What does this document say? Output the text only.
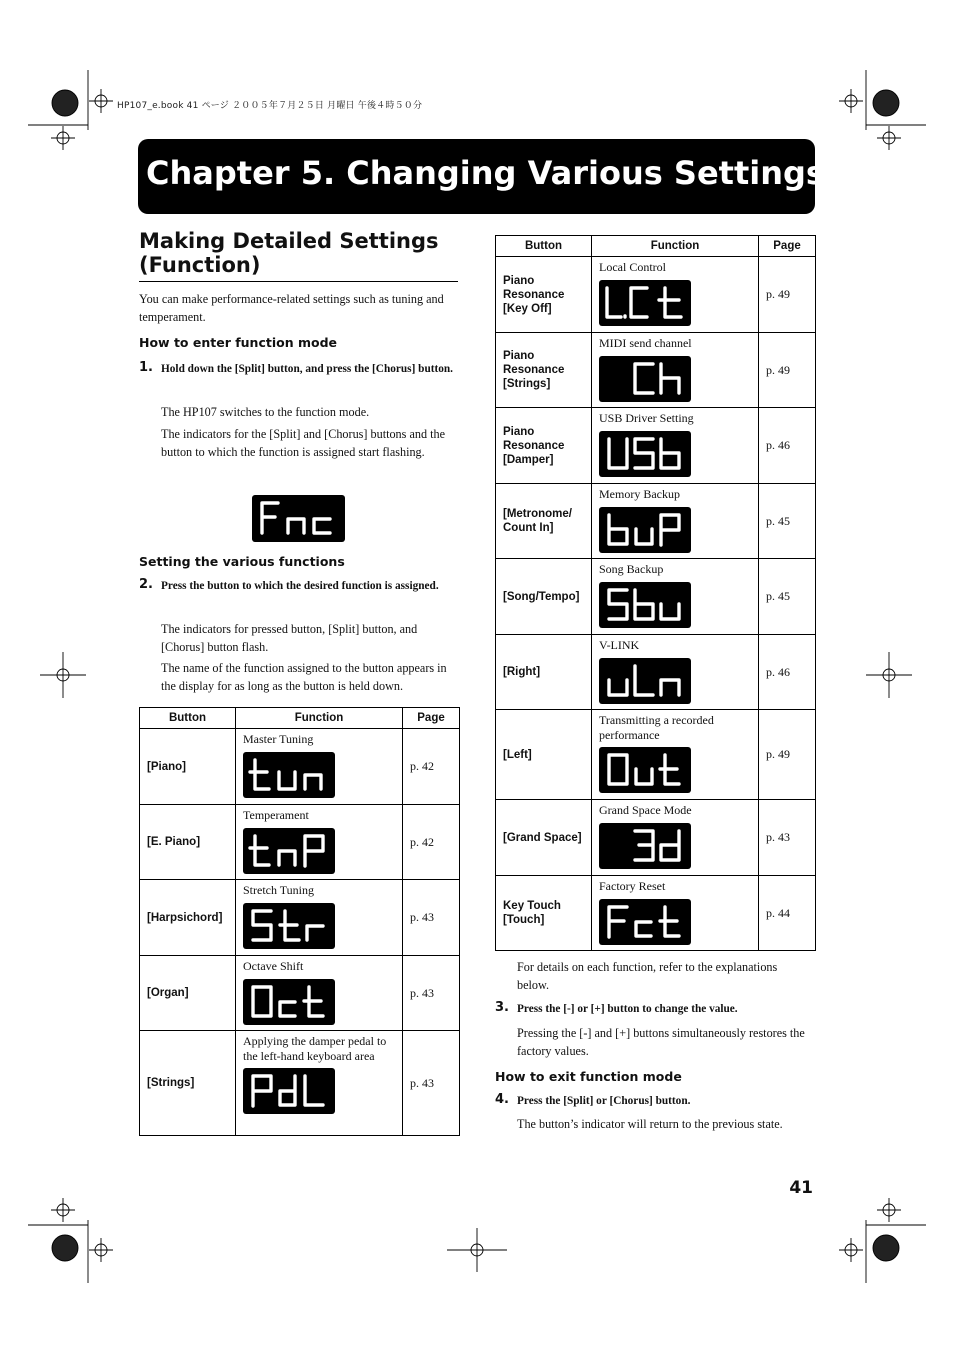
HP107_e.book 41 ページ ２００５年７月２５日 月曜日 午後４時５０分
Chapter 5. Changing Various Settings
Making Detailed Settings
(Function)
You can make performance-related settings such as tuning and temperament.
How to enter function mode
1. Hold down the [Split] button, and press the [Chorus] button.
The HP107 switches to the function mode.
The indicators for the [Split] and [Chorus] buttons and the button to which the function is assigned start flashing.
Setting the various functions
2. Press the button to which the desired function is assigned.
The indicators for pressed button, [Split] button, and [Chorus] button flash.
The name of the function assigned to the button appears in the display for as long as the button is held down.
Button	Function	Page
[Piano]	Master Tuning	p. 42
[E. Piano]	Temperament	p. 42
[Harpsichord]	Stretch Tuning	p. 43
[Organ]	Octave Shift	p. 43
[Strings]	Applying the damper pedal to the left-hand keyboard area	p. 43
Button	Function	Page
Piano Resonance [Key Off]	Local Control	p. 49
Piano Resonance [Strings]	MIDI send channel	p. 49
Piano Resonance [Damper]	USB Driver Setting	p. 46
[Metronome/ Count In]	Memory Backup	p. 45
[Song/Tempo]	Song Backup	p. 45
[Right]	V-LINK	p. 46
[Left]	Transmitting a recorded performance	p. 49
[Grand Space]	Grand Space Mode	p. 43
Key Touch [Touch]	Factory Reset	p. 44
For details on each function, refer to the explanations below.
3. Press the [-] or [+] button to change the value.
Pressing the [-] and [+] buttons simultaneously restores the factory values.
How to exit function mode
4. Press the [Split] or [Chorus] button.
The button’s indicator will return to the previous state.
41
